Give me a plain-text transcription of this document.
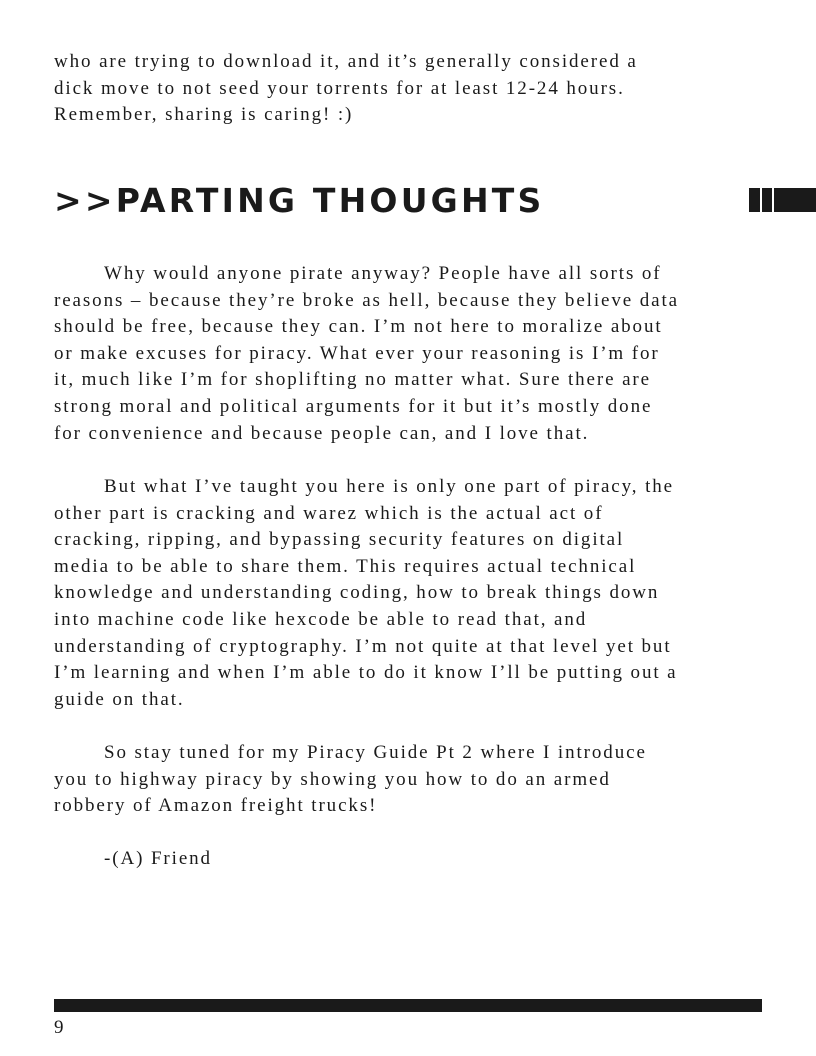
who are trying to download it, and it’s generally considered a
dick move to not seed your torrents for at least 12-24 hours.
Remember, sharing is caring! :)

>>PARTING THOUGHTS

Why would anyone pirate anyway? People have all sorts of
reasons – because they’re broke as hell, because they believe data
should be free, because they can. I’m not here to moralize about
or make excuses for piracy. What ever your reasoning is I’m for
it, much like I’m for shoplifting no matter what. Sure there are
strong moral and political arguments for it but it’s mostly done
for convenience and because people can, and I love that.

But what I’ve taught you here is only one part of piracy, the
other part is cracking and warez which is the actual act of
cracking, ripping, and bypassing security features on digital
media to be able to share them. This requires actual technical
knowledge and understanding coding, how to break things down
into machine code like hexcode be able to read that, and
understanding of cryptography. I’m not quite at that level yet but
I’m learning and when I’m able to do it know I’ll be putting out a
guide on that.

So stay tuned for my Piracy Guide Pt 2 where I introduce
you to highway piracy by showing you how to do an armed
robbery of Amazon freight trucks!

-(A) Friend

9
